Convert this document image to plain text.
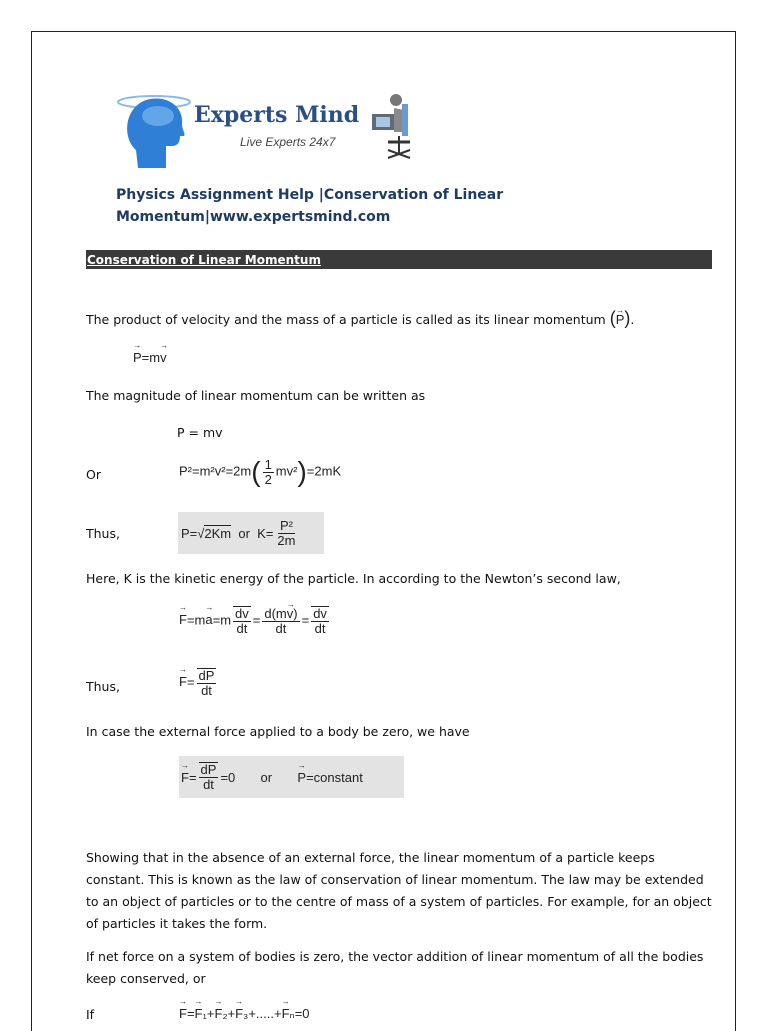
Experts Mind
Live Experts 24x7
Physics Assignment Help |Conservation of Linear
Momentum|www.expertsmind.com
Conservation of Linear Momentum
The product of velocity and the mass of a particle is called as its linear momentum (→ P).
→ P=m→ v
The magnitude of linear momentum can be written as
P = mv
Or	$P^2=m^2v^2=2m( \frac{1}{2} mv^2)=2mK$
Thus,	P=√ 2Km or  $K= \frac{\text{P²}}{2m}$
Here, K is the kinetic energy of the particle. In according to the Newton’s second law,
→ $F=m\to a=m \frac{dv}{dt} = \frac{d(m\to v)}{dt} = \frac{dv}{dt}$
Thus,	→ $F= \frac{dP}{dt}$
In case the external force applied to a body be zero, we have
→ $F = \frac{dP}{dt} =0$       or → P =constant
Showing that in the absence of an external force, the linear momentum of a particle keeps constant. This is known as the law of conservation of linear momentum. The law may be extended to an object of particles or to the centre of mass of a system of particles. For example, for an object of particles it takes the form.
If net force on a system of bodies is zero, the vector addition of linear momentum of all the bodies keep conserved, or
If	→ F=→ F₁+→ F₂+→ F₃+.....+→ Fₙ=0
